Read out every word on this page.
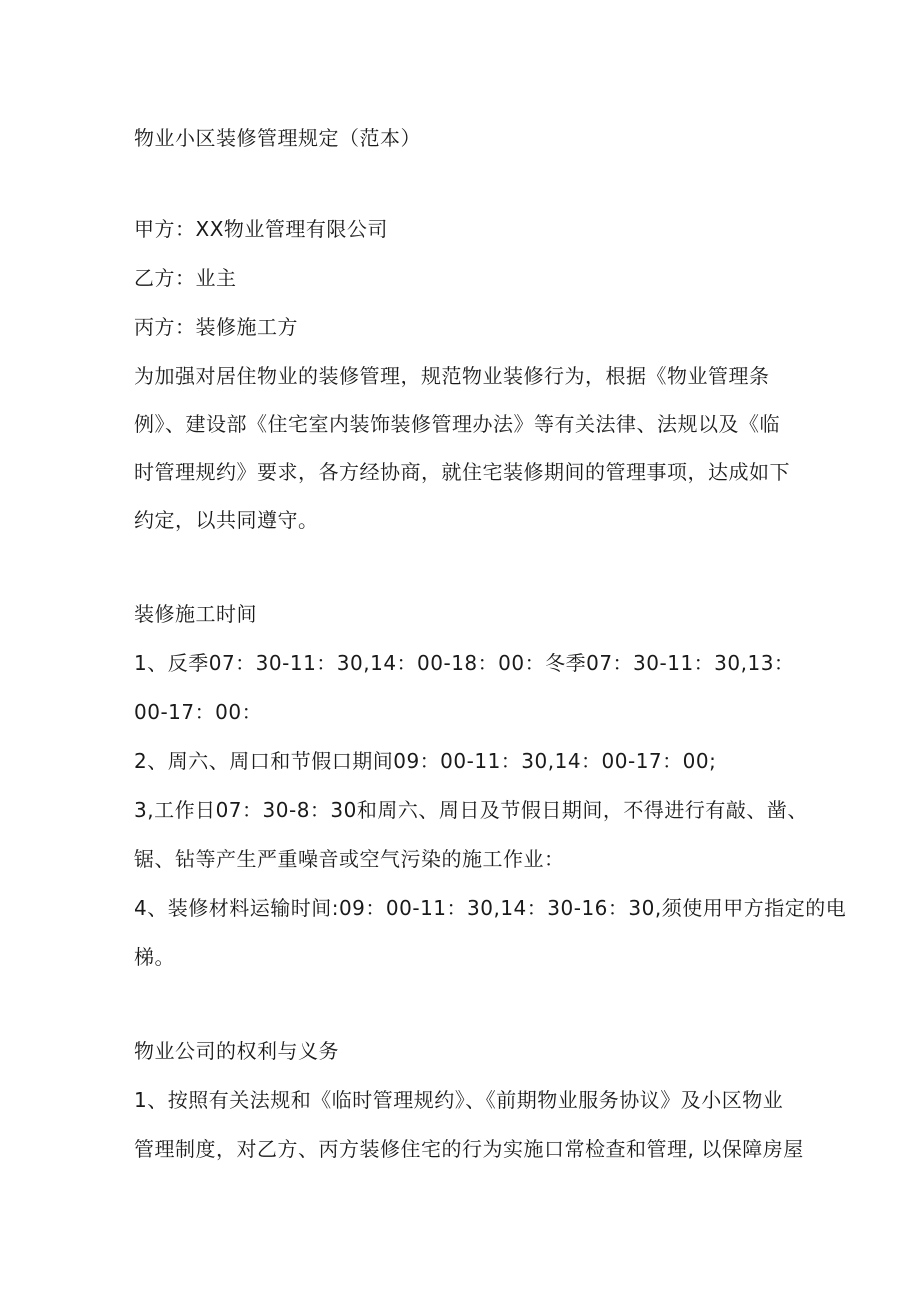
物业小区装修管理规定（范本）

甲方：XX物业管理有限公司

乙方：业主

丙方：装修施工方

为加强对居住物业的装修管理，规范物业装修行为，根据《物业管理条

例》、建设部《住宅室内装饰装修管理办法》等有关法律、法规以及《临

时管理规约》要求，各方经协商，就住宅装修期间的管理事项，达成如下

约定，以共同遵守。

装修施工时间

1、反季07：30-11：30,14：00-18：00：冬季07：30-11：30,13：

00-17：00：

2、周六、周口和节假口期间09：00-11：30,14：00-17：00;

3,工作日07：30-8：30和周六、周日及节假日期间，不得进行有敲、凿、

锯、钻等产生严重噪音或空气污染的施工作业：

4、装修材料运输时间:09：00-11：30,14：30-16：30,须使用甲方指定的电

梯。

物业公司的权利与义务

1、按照有关法规和《临时管理规约》、《前期物业服务协议》及小区物业

管理制度，对乙方、丙方装修住宅的行为实施口常检查和管理, 以保障房屋
